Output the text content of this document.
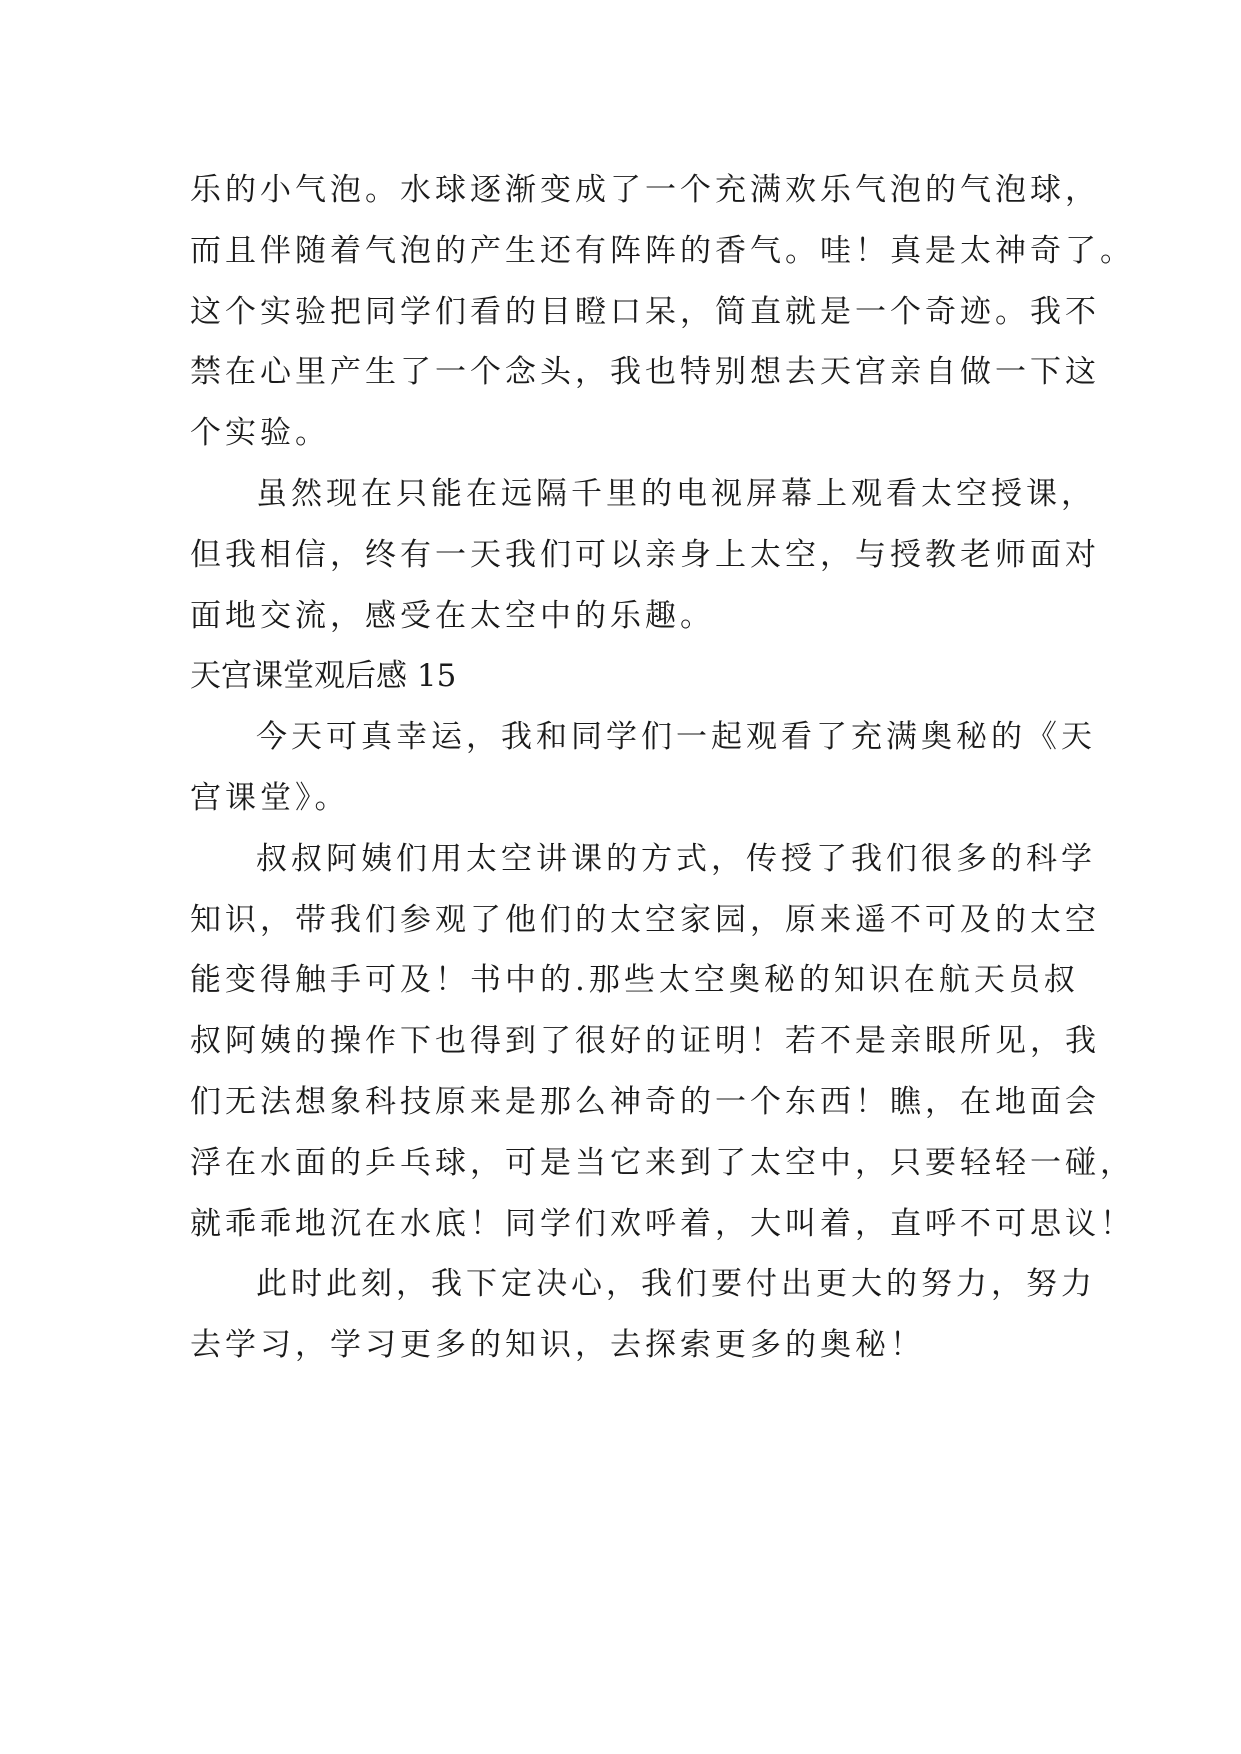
乐的小气泡。水球逐渐变成了一个充满欢乐气泡的气泡球，
而且伴随着气泡的产生还有阵阵的香气。哇！真是太神奇了。
这个实验把同学们看的目瞪口呆，简直就是一个奇迹。我不
禁在心里产生了一个念头，我也特别想去天宫亲自做一下这
个实验。
虽然现在只能在远隔千里的电视屏幕上观看太空授课，
但我相信，终有一天我们可以亲身上太空，与授教老师面对
面地交流，感受在太空中的乐趣。
天宫课堂观后感 15
今天可真幸运，我和同学们一起观看了充满奥秘的《天
宫课堂》。
叔叔阿姨们用太空讲课的方式，传授了我们很多的科学
知识，带我们参观了他们的太空家园，原来遥不可及的太空
能变得触手可及！书中的.那些太空奥秘的知识在航天员叔
叔阿姨的操作下也得到了很好的证明！若不是亲眼所见，我
们无法想象科技原来是那么神奇的一个东西！瞧，在地面会
浮在水面的乒乓球，可是当它来到了太空中，只要轻轻一碰，
就乖乖地沉在水底！同学们欢呼着，大叫着，直呼不可思议！
此时此刻，我下定决心，我们要付出更大的努力，努力
去学习，学习更多的知识，去探索更多的奥秘！
